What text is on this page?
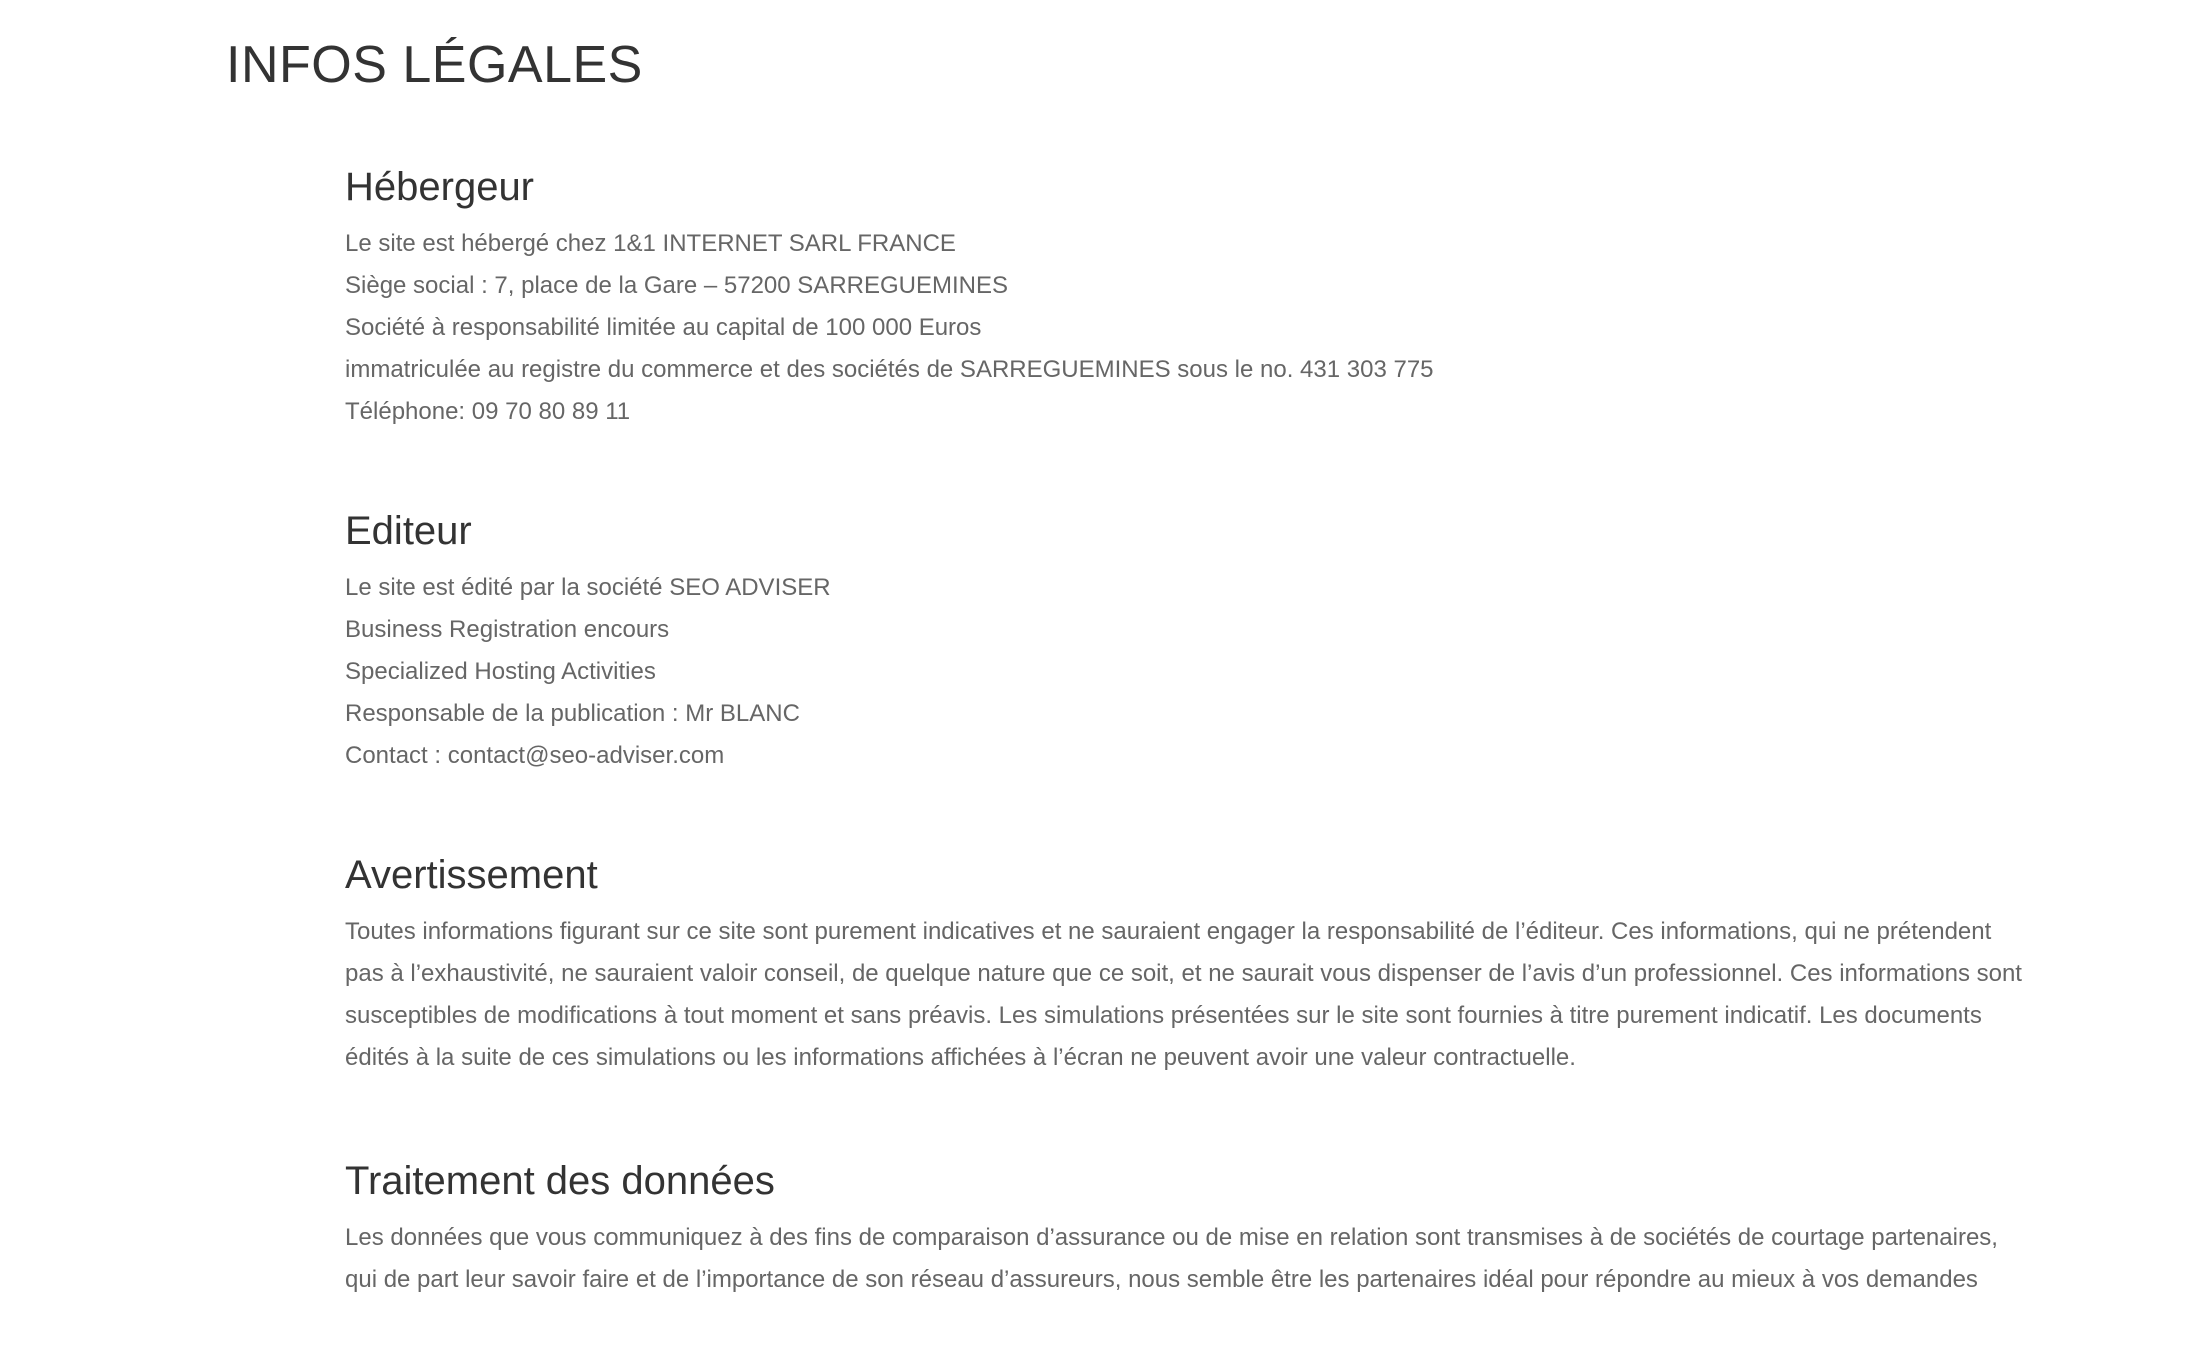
INFOS LÉGALES
Hébergeur

Le site est hébergé chez 1&1 INTERNET SARL FRANCE

Siège social : 7, place de la Gare – 57200 SARREGUEMINES

Société à responsabilité limitée au capital de 100 000 Euros

immatriculée au registre du commerce et des sociétés de SARREGUEMINES sous le no. 431 303 775

Téléphone: 09 70 80 89 11

Editeur

Le site est édité par la société SEO ADVISER

Business Registration encours

Specialized Hosting Activities

Responsable de la publication : Mr BLANC

Contact : contact@seo-adviser.com

Avertissement

Toutes informations figurant sur ce site sont purement indicatives et ne sauraient engager la responsabilité de l’éditeur. Ces informations, qui ne prétendent pas à l’exhaustivité, ne sauraient valoir conseil, de quelque nature que ce soit, et ne saurait vous dispenser de l’avis d’un professionnel. Ces informations sont susceptibles de modifications à tout moment et sans préavis. Les simulations présentées sur le site sont fournies à titre purement indicatif. Les documents édités à la suite de ces simulations ou les informations affichées à l’écran ne peuvent avoir une valeur contractuelle.

Traitement des données

Les données que vous communiquez à des fins de comparaison d’assurance ou de mise en relation sont transmises à de sociétés de courtage partenaires, qui de part leur savoir faire et de l’importance de son réseau d’assureurs, nous semble être les partenaires idéal pour répondre au mieux à vos demandes
